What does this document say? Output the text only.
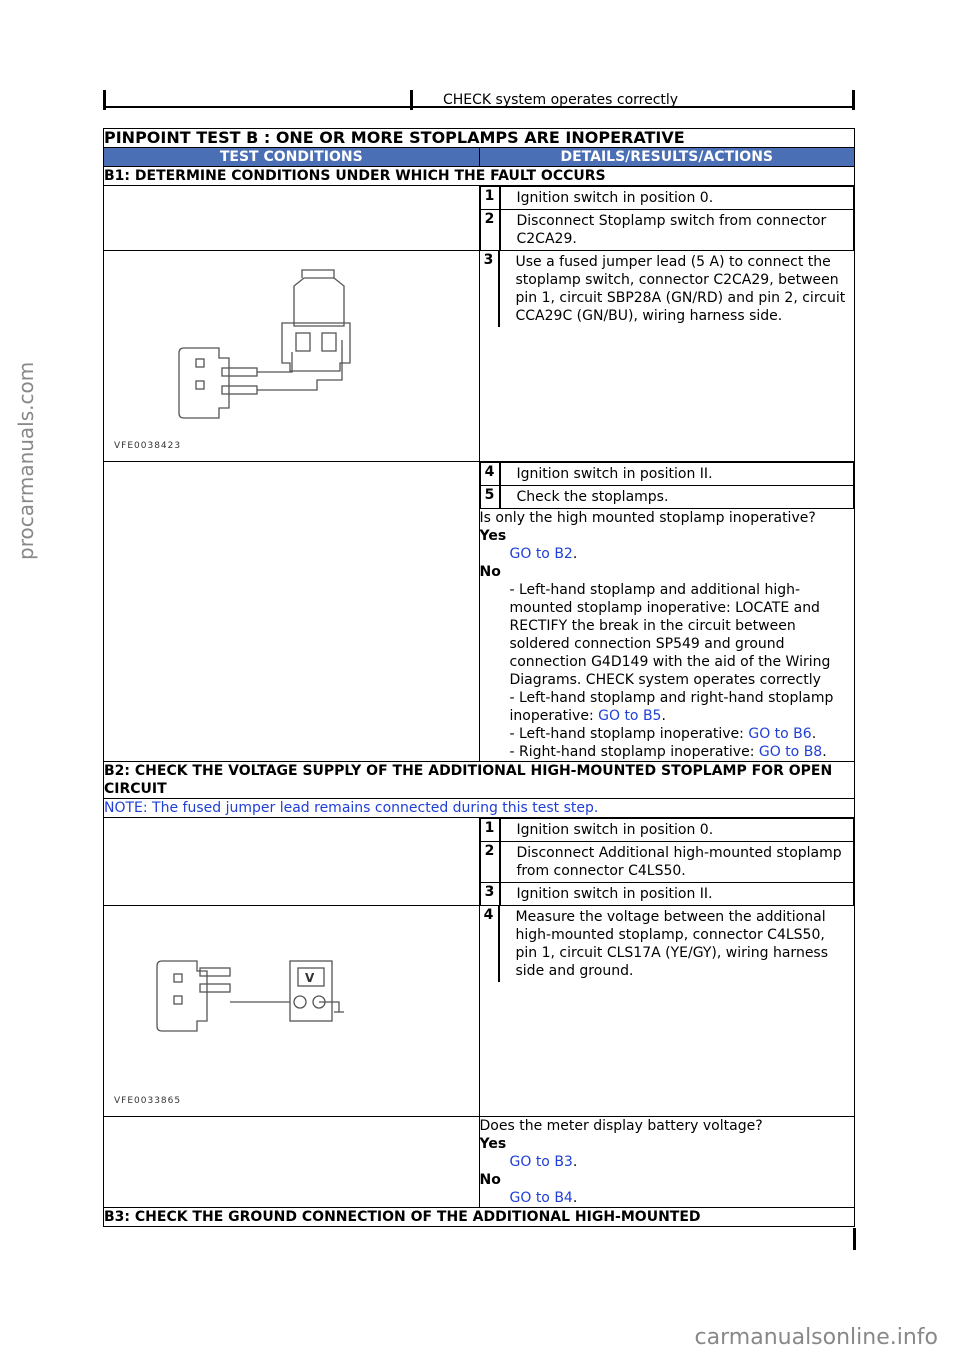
CHECK system operates correctly
PINPOINT TEST B : ONE OR MORE STOPLAMPS ARE INOPERATIVE
TEST CONDITIONS	DETAILS/RESULTS/ACTIONS
B1: DETERMINE CONDITIONS UNDER WHICH THE FAULT OCCURS

1	Ignition switch in position 0.

2	Disconnect Stoplamp switch from connector C2CA29.

VFE0038423

3	Use a fused jumper lead (5 A) to connect the stoplamp switch, connector C2CA29, between pin 1, circuit SBP28A (GN/RD) and pin 2, circuit CCA29C (GN/BU), wiring harness side.

4	Ignition switch in position II.

5	Check the stoplamps.

Is only the high mounted stoplamp inoperative?
Yes
GO to B2.
No
- Left-hand stoplamp and additional high-mounted stoplamp inoperative: LOCATE and RECTIFY the break in the circuit between soldered connection SP549 and ground connection G4D149 with the aid of the Wiring Diagrams. CHECK system operates correctly
- Left-hand stoplamp and right-hand stoplamp inoperative: GO to B5.
- Left-hand stoplamp inoperative: GO to B6.
- Right-hand stoplamp inoperative: GO to B8.

B2: CHECK THE VOLTAGE SUPPLY OF THE ADDITIONAL HIGH-MOUNTED STOPLAMP FOR OPEN CIRCUIT
NOTE: The fused jumper lead remains connected during this test step.

1	Ignition switch in position 0.

2	Disconnect Additional high-mounted stoplamp from connector C4LS50.

3	Ignition switch in position II.

V
VFE0033865

4	Measure the voltage between the additional high-mounted stoplamp, connector C4LS50, pin 1, circuit CLS17A (YE/GY), wiring harness side and ground.

Does the meter display battery voltage?
Yes
GO to B3.
No
GO to B4.

B3: CHECK THE GROUND CONNECTION OF THE ADDITIONAL HIGH-MOUNTED
procarmanuals.com
carmanualsonline.info
